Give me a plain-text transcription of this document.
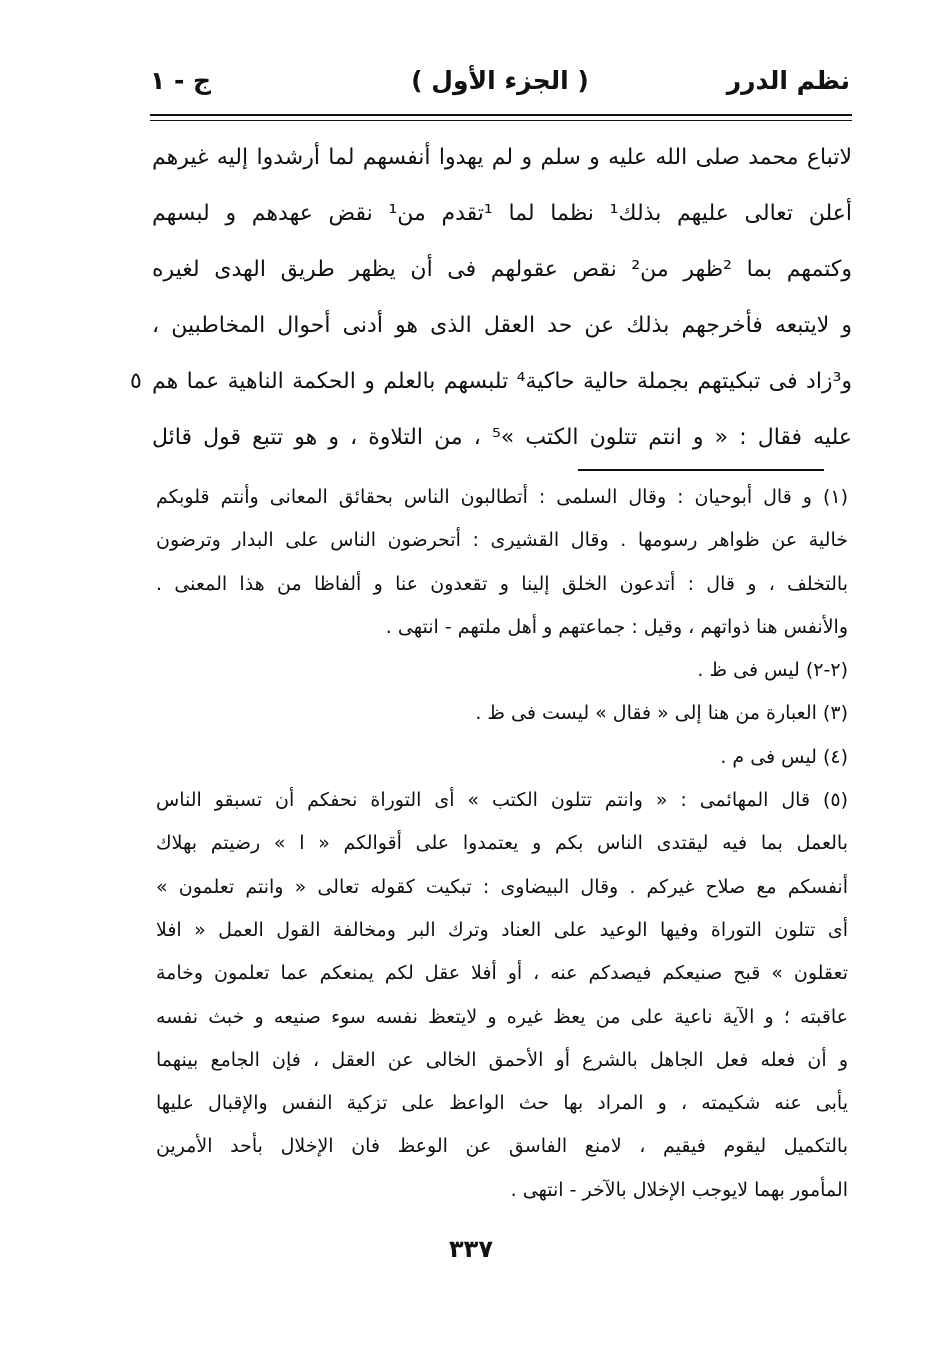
نظم الدرر
( الجزء الأول )
ج - ١
لاتباع محمد صلى الله عليه و سلم و لم يهدوا أنفسهم لما أرشدوا إليه غيرهم
أعلن تعالى عليهم بذلك¹ نظما لما ¹تقدم من¹ نقض عهدهم و لبسهم
وكتمهم بما ²ظهر من² نقص عقولهم فى أن يظهر طريق الهدى لغيره
و لايتبعه فأخرجهم بذلك عن حد العقل الذى هو أدنى أحوال المخاطبين ،
و³زاد فى تبكيتهم بجملة حالية حاكية⁴ تلبسهم بالعلم و الحكمة الناهية عما هم
٥
عليه فقال : « و انتم تتلون الكتب »⁵ ، من التلاوة ، و هو تتبع قول قائل
(١) و قال أبوحيان : وقال السلمى : أتطالبون الناس بحقائق المعانى وأنتم قلوبكم
خالية عن ظواهر رسومها . وقال القشيرى : أتحرضون الناس على البدار وترضون
بالتخلف ، و قال : أتدعون الخلق إلينا و تقعدون عنا و ألفاظا من هذا المعنى .
والأنفس هنا ذواتهم ، وقيل : جماعتهم و أهل ملتهم - انتهى .
(٢-٢) ليس فى ظ .
(٣) العبارة من هنا إلى « فقال » ليست فى ظ .
(٤) ليس فى م .
(٥) قال المهائمى : « وانتم تتلون الكتب » أى التوراة نحفكم أن تسبقو الناس
بالعمل بما فيه ليقتدى الناس بكم و يعتمدوا على أقوالكم « ا » رضيتم بهلاك
أنفسكم مع صلاح غيركم . وقال البيضاوى : تبكيت كقوله تعالى « وانتم تعلمون »
أى تتلون التوراة وفيها الوعيد على العناد وترك البر ومخالفة القول العمل « افلا
تعقلون » قبح صنيعكم فيصدكم عنه ، أو أفلا عقل لكم يمنعكم عما تعلمون وخامة
عاقبته ؛ و الآية ناعية على من يعظ غيره و لايتعظ نفسه سوء صنيعه و خبث نفسه
و أن فعله فعل الجاهل بالشرع أو الأحمق الخالى عن العقل ، فإن الجامع بينهما
يأبى عنه شكيمته ، و المراد بها حث الواعظ على تزكية النفس والإقبال عليها
بالتكميل ليقوم فيقيم ، لامنع الفاسق عن الوعظ فان الإخلال بأحد الأمرين
المأمور بهما لايوجب الإخلال بالآخر - انتهى .
٣٣٧
